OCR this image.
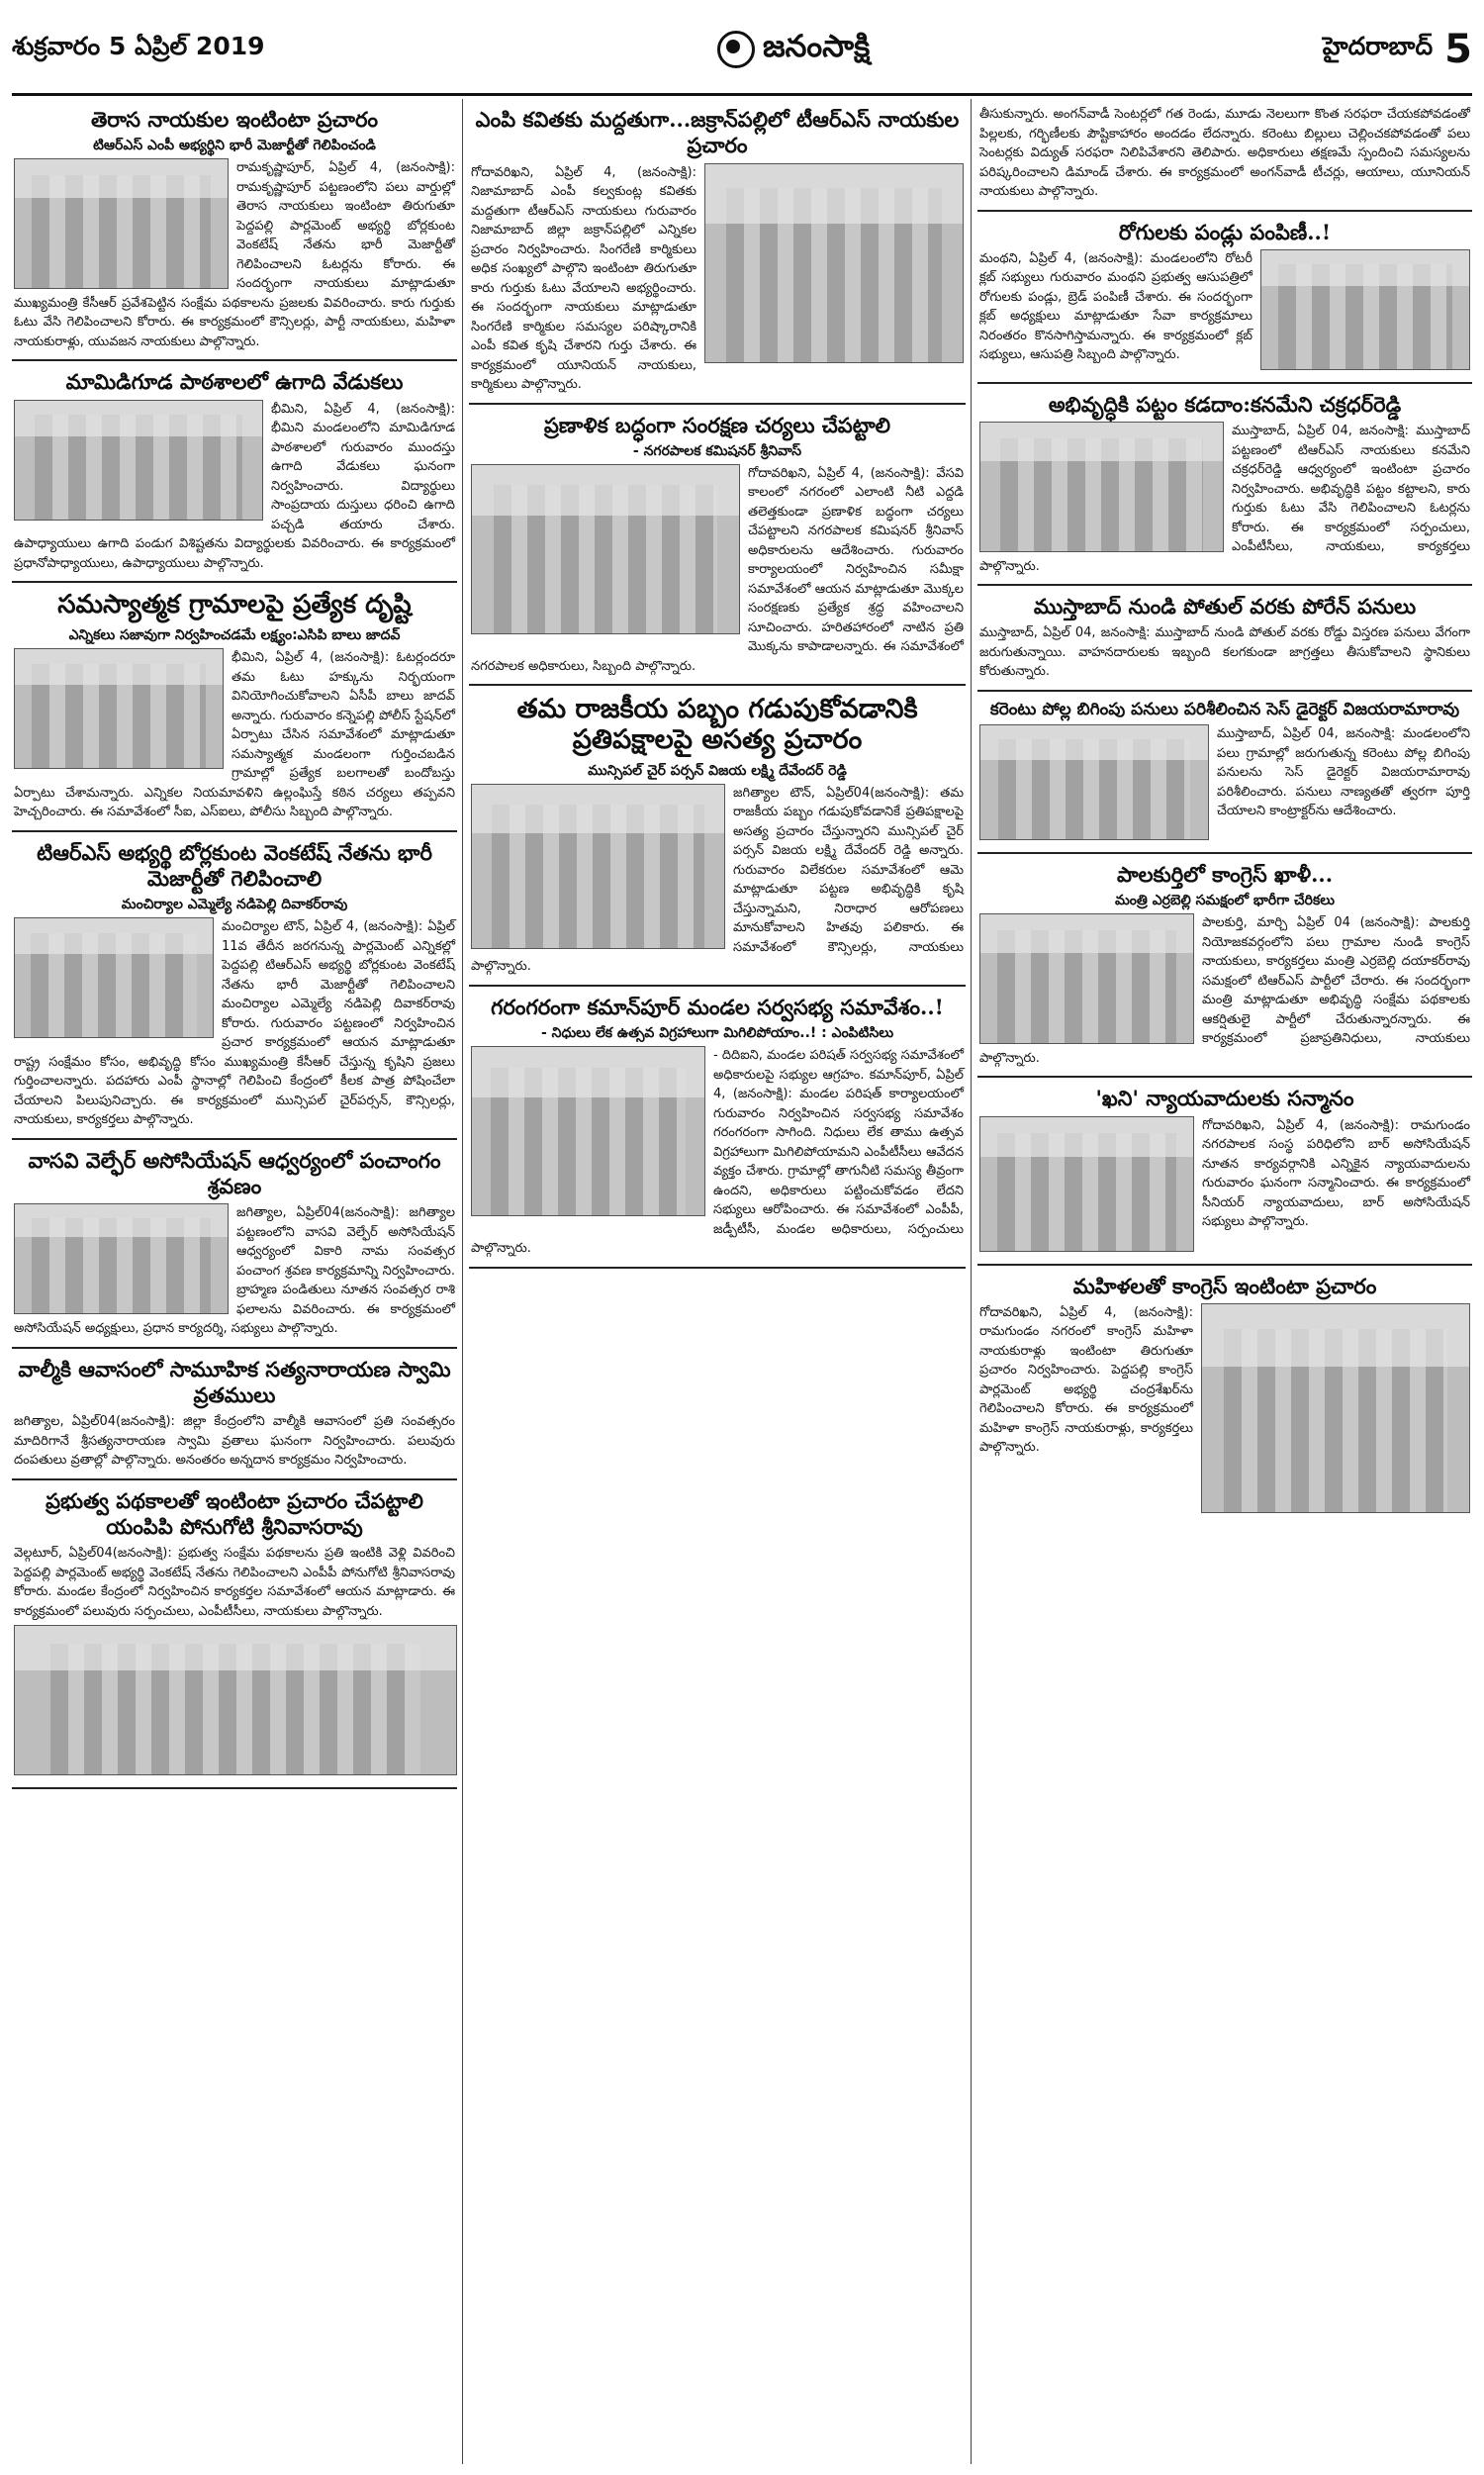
శుక్రవారం 5 ఏప్రిల్ 2019	జనంసాక్షి	హైదరాబాద్ 5
తెరాస నాయకుల ఇంటింటా ప్రచారం
టిఆర్ఎస్ ఎంపీ అభ్యర్థిని భారీ మెజార్టీతో గెలిపించండి

రామకృష్ణాపూర్, ఏప్రిల్ 4, (జనంసాక్షి): రామకృష్ణాపూర్ పట్టణంలోని పలు వార్డుల్లో తెరాస నాయకులు ఇంటింటా తిరుగుతూ పెద్దపల్లి పార్లమెంట్ అభ్యర్థి బోర్లకుంట వెంకటేష్ నేతను భారీ మెజార్టీతో గెలిపించాలని ఓటర్లను కోరారు. ఈ సందర్భంగా నాయకులు మాట్లాడుతూ ముఖ్యమంత్రి కేసీఆర్ ప్రవేశపెట్టిన సంక్షేమ పథకాలను ప్రజలకు వివరించారు. కారు గుర్తుకు ఓటు వేసి గెలిపించాలని కోరారు. ఈ కార్యక్రమంలో కౌన్సిలర్లు, పార్టీ నాయకులు, మహిళా నాయకురాళ్లు, యువజన నాయకులు పాల్గొన్నారు.

మామిడిగూడ పాఠశాలలో ఉగాది వేడుకలు

భీమిని, ఏప్రిల్ 4, (జనంసాక్షి): భీమిని మండలంలోని మామిడిగూడ పాఠశాలలో గురువారం ముందస్తు ఉగాది వేడుకలు ఘనంగా నిర్వహించారు. విద్యార్థులు సాంప్రదాయ దుస్తులు ధరించి ఉగాది పచ్చడి తయారు చేశారు. ఉపాధ్యాయులు ఉగాది పండుగ విశిష్టతను విద్యార్థులకు వివరించారు. ఈ కార్యక్రమంలో ప్రధానోపాధ్యాయులు, ఉపాధ్యాయులు పాల్గొన్నారు.

సమస్యాత్మక గ్రామాలపై ప్రత్యేక దృష్టి
ఎన్నికలు సజావుగా నిర్వహించడమే లక్ష్యం:ఎసిపి బాలు జాదవ్

భీమిని, ఏప్రిల్ 4, (జనంసాక్షి): ఓటర్లందరూ తమ ఓటు హక్కును నిర్భయంగా వినియోగించుకోవాలని ఏసీపీ బాలు జాదవ్ అన్నారు. గురువారం కన్నెపల్లి పోలీస్ స్టేషన్‌లో ఏర్పాటు చేసిన సమావేశంలో మాట్లాడుతూ సమస్యాత్మక మండలంగా గుర్తించబడిన గ్రామాల్లో ప్రత్యేక బలగాలతో బందోబస్తు ఏర్పాటు చేశామన్నారు. ఎన్నికల నియమావళిని ఉల్లంఘిస్తే కఠిన చర్యలు తప్పవని హెచ్చరించారు. ఈ సమావేశంలో సీఐ, ఎస్ఐలు, పోలీసు సిబ్బంది పాల్గొన్నారు.

టిఆర్ఎస్ అభ్యర్థి బోర్లకుంట వెంకటేష్ నేతను భారీ మెజార్టీతో గెలిపించాలి
మంచిర్యాల ఎమ్మెల్యే నడిపెల్లి దివాకర్‌రావు

మంచిర్యాల టౌన్, ఏప్రిల్ 4, (జనంసాక్షి): ఏప్రిల్ 11వ తేదీన జరగనున్న పార్లమెంట్ ఎన్నికల్లో పెద్దపల్లి టిఆర్ఎస్ అభ్యర్థి బోర్లకుంట వెంకటేష్ నేతను భారీ మెజార్టీతో గెలిపించాలని మంచిర్యాల ఎమ్మెల్యే నడిపెల్లి దివాకర్‌రావు కోరారు. గురువారం పట్టణంలో నిర్వహించిన ప్రచార కార్యక్రమంలో ఆయన మాట్లాడుతూ రాష్ట్ర సంక్షేమం కోసం, అభివృద్ధి కోసం ముఖ్యమంత్రి కేసీఆర్ చేస్తున్న కృషిని ప్రజలు గుర్తించాలన్నారు. పదహారు ఎంపీ స్థానాల్లో గెలిపించి కేంద్రంలో కీలక పాత్ర పోషించేలా చేయాలని పిలుపునిచ్చారు. ఈ కార్యక్రమంలో మున్సిపల్ చైర్‌పర్సన్, కౌన్సిలర్లు, నాయకులు, కార్యకర్తలు పాల్గొన్నారు.

వాసవి వెల్ఫేర్ అసోసియేషన్ ఆధ్వర్యంలో పంచాంగం శ్రవణం

జగిత్యాల, ఏప్రిల్04(జనంసాక్షి): జగిత్యాల పట్టణంలోని వాసవి వెల్ఫేర్ అసోసియేషన్ ఆధ్వర్యంలో వికారి నామ సంవత్సర పంచాంగ శ్రవణ కార్యక్రమాన్ని నిర్వహించారు. బ్రాహ్మణ పండితులు నూతన సంవత్సర రాశి ఫలాలను వివరించారు. ఈ కార్యక్రమంలో అసోసియేషన్ అధ్యక్షులు, ప్రధాన కార్యదర్శి, సభ్యులు పాల్గొన్నారు.

వాల్మీకి ఆవాసంలో సామూహిక సత్యనారాయణ స్వామి వ్రతములు

జగిత్యాల, ఏప్రిల్04(జనంసాక్షి): జిల్లా కేంద్రంలోని వాల్మీకి ఆవాసంలో ప్రతి సంవత్సరం మాదిరిగానే శ్రీసత్యనారాయణ స్వామి వ్రతాలు ఘనంగా నిర్వహించారు. పలువురు దంపతులు వ్రతాల్లో పాల్గొన్నారు. అనంతరం అన్నదాన కార్యక్రమం నిర్వహించారు.

ప్రభుత్వ పథకాలతో ఇంటింటా ప్రచారం చేపట్టాలి యంపిపి పోనుగోటి శ్రీనివాసరావు

వెల్గటూర్, ఏప్రిల్04(జనంసాక్షి): ప్రభుత్వ సంక్షేమ పథకాలను ప్రతి ఇంటికి వెళ్లి వివరించి పెద్దపల్లి పార్లమెంట్ అభ్యర్థి వెంకటేష్ నేతను గెలిపించాలని ఎంపీపీ పోనుగోటి శ్రీనివాసరావు కోరారు. మండల కేంద్రంలో నిర్వహించిన కార్యకర్తల సమావేశంలో ఆయన మాట్లాడారు. ఈ కార్యక్రమంలో పలువురు సర్పంచులు, ఎంపీటీసీలు, నాయకులు పాల్గొన్నారు.

ఎంపి కవితకు మద్దతుగా...జక్రాన్‌పల్లిలో టీఆర్ఎస్ నాయకుల ప్రచారం

గోదావరిఖని, ఏప్రిల్ 4, (జనంసాక్షి): నిజామాబాద్ ఎంపీ కల్వకుంట్ల కవితకు మద్దతుగా టీఆర్ఎస్ నాయకులు గురువారం నిజామాబాద్ జిల్లా జక్రాన్‌పల్లిలో ఎన్నికల ప్రచారం నిర్వహించారు. సింగరేణి కార్మికులు అధిక సంఖ్యలో పాల్గొని ఇంటింటా తిరుగుతూ కారు గుర్తుకు ఓటు వేయాలని అభ్యర్థించారు. ఈ సందర్భంగా నాయకులు మాట్లాడుతూ సింగరేణి కార్మికుల సమస్యల పరిష్కారానికి ఎంపీ కవిత కృషి చేశారని గుర్తు చేశారు. ఈ కార్యక్రమంలో యూనియన్ నాయకులు, కార్మికులు పాల్గొన్నారు.

ప్రణాళిక బద్ధంగా సంరక్షణ చర్యలు చేపట్టాలి
- నగరపాలక కమిషనర్ శ్రీనివాస్

గోదావరిఖని, ఏప్రిల్ 4, (జనంసాక్షి): వేసవి కాలంలో నగరంలో ఎలాంటి నీటి ఎద్దడి తలెత్తకుండా ప్రణాళిక బద్ధంగా చర్యలు చేపట్టాలని నగరపాలక కమిషనర్ శ్రీనివాస్ అధికారులను ఆదేశించారు. గురువారం కార్యాలయంలో నిర్వహించిన సమీక్షా సమావేశంలో ఆయన మాట్లాడుతూ మొక్కల సంరక్షణకు ప్రత్యేక శ్రద్ధ వహించాలని సూచించారు. హరితహారంలో నాటిన ప్రతి మొక్కను కాపాడాలన్నారు. ఈ సమావేశంలో నగరపాలక అధికారులు, సిబ్బంది పాల్గొన్నారు.

తమ రాజకీయ పబ్బం గడుపుకోవడానికి ప్రతిపక్షాలపై అసత్య ప్రచారం
మున్సిపల్ చైర్ పర్సన్ విజయ లక్ష్మి దేవేందర్ రెడ్డి

జగిత్యాల టౌన్, ఏప్రిల్04(జనంసాక్షి): తమ రాజకీయ పబ్బం గడుపుకోవడానికే ప్రతిపక్షాలపై అసత్య ప్రచారం చేస్తున్నారని మున్సిపల్ చైర్ పర్సన్ విజయ లక్ష్మి దేవేందర్ రెడ్డి అన్నారు. గురువారం విలేకరుల సమావేశంలో ఆమె మాట్లాడుతూ పట్టణ అభివృద్ధికి కృషి చేస్తున్నామని, నిరాధార ఆరోపణలు మానుకోవాలని హితవు పలికారు. ఈ సమావేశంలో కౌన్సిలర్లు, నాయకులు పాల్గొన్నారు.

గరంగరంగా కమాన్‌పూర్ మండల సర్వసభ్య సమావేశం..!
- నిధులు లేక ఉత్సవ విగ్రహాలుగా మిగిలిపోయాం..! : ఎంపిటిసిలు

- దిదిఐని, మండల పరిషత్ సర్వసభ్య సమావేశంలో అధికారులపై సభ్యుల ఆగ్రహం. కమాన్‌పూర్, ఏప్రిల్ 4, (జనంసాక్షి): మండల పరిషత్ కార్యాలయంలో గురువారం నిర్వహించిన సర్వసభ్య సమావేశం గరంగరంగా సాగింది. నిధులు లేక తాము ఉత్సవ విగ్రహాలుగా మిగిలిపోయామని ఎంపీటీసీలు ఆవేదన వ్యక్తం చేశారు. గ్రామాల్లో తాగునీటి సమస్య తీవ్రంగా ఉందని, అధికారులు పట్టించుకోవడం లేదని సభ్యులు ఆరోపించారు. ఈ సమావేశంలో ఎంపీపీ, జడ్పీటీసీ, మండల అధికారులు, సర్పంచులు పాల్గొన్నారు.

తీసుకున్నారు. అంగన్‌వాడీ సెంటర్లలో గత రెండు, మూడు నెలలుగా కొంత సరఫరా చేయకపోవడంతో పిల్లలకు, గర్భిణీలకు పౌష్టికాహారం అందడం లేదన్నారు. కరెంటు బిల్లులు చెల్లించకపోవడంతో పలు సెంటర్లకు విద్యుత్ సరఫరా నిలిపివేశారని తెలిపారు. అధికారులు తక్షణమే స్పందించి సమస్యలను పరిష్కరించాలని డిమాండ్ చేశారు. ఈ కార్యక్రమంలో అంగన్‌వాడీ టీచర్లు, ఆయాలు, యూనియన్ నాయకులు పాల్గొన్నారు.

రోగులకు పండ్లు పంపిణీ..!

మంథని, ఏప్రిల్ 4, (జనంసాక్షి): మండలంలోని రోటరీ క్లబ్ సభ్యులు గురువారం మంథని ప్రభుత్వ ఆసుపత్రిలో రోగులకు పండ్లు, బ్రెడ్ పంపిణీ చేశారు. ఈ సందర్భంగా క్లబ్ అధ్యక్షులు మాట్లాడుతూ సేవా కార్యక్రమాలు నిరంతరం కొనసాగిస్తామన్నారు. ఈ కార్యక్రమంలో క్లబ్ సభ్యులు, ఆసుపత్రి సిబ్బంది పాల్గొన్నారు.

అభివృద్ధికి పట్టం కడదాం:కనమేని చక్రధర్‌రెడ్డి

ముస్తాబాద్, ఏప్రిల్ 04, జనంసాక్షి: ముస్తాబాద్ పట్టణంలో టిఆర్ఎస్ నాయకులు కనమేని చక్రధర్‌రెడ్డి ఆధ్వర్యంలో ఇంటింటా ప్రచారం నిర్వహించారు. అభివృద్ధికి పట్టం కట్టాలని, కారు గుర్తుకు ఓటు వేసి గెలిపించాలని ఓటర్లను కోరారు. ఈ కార్యక్రమంలో సర్పంచులు, ఎంపీటీసీలు, నాయకులు, కార్యకర్తలు పాల్గొన్నారు.

ముస్తాబాద్ నుండి పోతుల్ వరకు పోరేన్ పనులు

ముస్తాబాద్, ఏప్రిల్ 04, జనంసాక్షి: ముస్తాబాద్ నుండి పోతుల్ వరకు రోడ్డు విస్తరణ పనులు వేగంగా జరుగుతున్నాయి. వాహనదారులకు ఇబ్బంది కలగకుండా జాగ్రత్తలు తీసుకోవాలని స్థానికులు కోరుతున్నారు.

కరెంటు పోల్ల బిగింపు పనులు పరిశీలించిన సెస్ డైరెక్టర్ విజయరామారావు

ముస్తాబాద్, ఏప్రిల్ 04, జనంసాక్షి: మండలంలోని పలు గ్రామాల్లో జరుగుతున్న కరెంటు పోల్ల బిగింపు పనులను సెస్ డైరెక్టర్ విజయరామారావు పరిశీలించారు. పనులు నాణ్యతతో త్వరగా పూర్తి చేయాలని కాంట్రాక్టర్‌ను ఆదేశించారు.

పాలకుర్తిలో కాంగ్రెస్ ఖాళీ...
మంత్రి ఎర్రబెల్లి సమక్షంలో భారీగా చేరికలు

పాలకుర్తి, మార్చి ఏప్రిల్ 04 (జనంసాక్షి): పాలకుర్తి నియోజకవర్గంలోని పలు గ్రామాల నుండి కాంగ్రెస్ నాయకులు, కార్యకర్తలు మంత్రి ఎర్రబెల్లి దయాకర్‌రావు సమక్షంలో టిఆర్ఎస్ పార్టీలో చేరారు. ఈ సందర్భంగా మంత్రి మాట్లాడుతూ అభివృద్ధి సంక్షేమ పథకాలకు ఆకర్షితులై పార్టీలో చేరుతున్నారన్నారు. ఈ కార్యక్రమంలో ప్రజాప్రతినిధులు, నాయకులు పాల్గొన్నారు.

'ఖని' న్యాయవాదులకు సన్మానం

గోదావరిఖని, ఏప్రిల్ 4, (జనంసాక్షి): రామగుండం నగరపాలక సంస్థ పరిధిలోని బార్ అసోసియేషన్ నూతన కార్యవర్గానికి ఎన్నికైన న్యాయవాదులను గురువారం ఘనంగా సన్మానించారు. ఈ కార్యక్రమంలో సీనియర్ న్యాయవాదులు, బార్ అసోసియేషన్ సభ్యులు పాల్గొన్నారు.

మహిళలతో కాంగ్రెస్ ఇంటింటా ప్రచారం

గోదావరిఖని, ఏప్రిల్ 4, (జనంసాక్షి): రామగుండం నగరంలో కాంగ్రెస్ మహిళా నాయకురాళ్లు ఇంటింటా తిరుగుతూ ప్రచారం నిర్వహించారు. పెద్దపల్లి కాంగ్రెస్ పార్లమెంట్ అభ్యర్థి చంద్రశేఖర్‌ను గెలిపించాలని కోరారు. ఈ కార్యక్రమంలో మహిళా కాంగ్రెస్ నాయకురాళ్లు, కార్యకర్తలు పాల్గొన్నారు.
